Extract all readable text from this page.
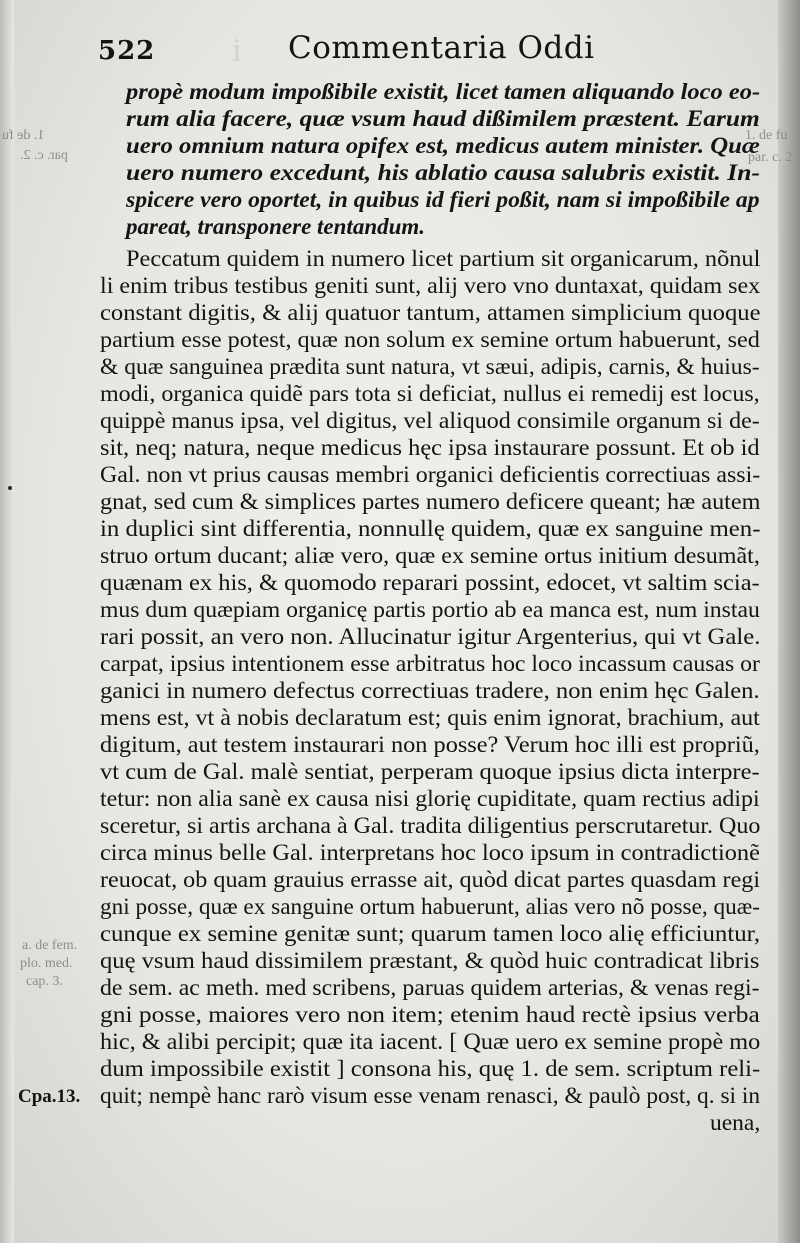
i
522	Commentaria Oddi
1. de fu
par. c. 2.
1. de fu
par. c. 2.
a. de fem.
plo. med.
cap. 3.
Cpa.13.
propè modum impoßibile existit, licet tamen aliquando loco eo-
rum alia facere, quæ vsum haud dißimilem præstent. Earum
uero omnium natura opifex est, medicus autem minister. Quæ
uero numero excedunt, his ablatio causa salubris existit. In-
spicere vero oportet, in quibus id fieri poßit, nam si impoßibile ap
pareat, transponere tentandum.
Peccatum quidem in numero licet partium sit organicarum, nõnul
li enim tribus testibus geniti sunt, alij vero vno duntaxat, quidam sex
constant digitis, & alij quatuor tantum, attamen simplicium quoque
partium esse potest, quæ non solum ex semine ortum habuerunt, sed
& quæ sanguinea prædita sunt natura, vt sæui, adipis, carnis, & huius-
modi, organica quidẽ pars tota si deficiat, nullus ei remedij est locus,
quippè manus ipsa, vel digitus, vel aliquod consimile organum si de-
sit, neq; natura, neque medicus hęc ipsa instaurare possunt. Et ob id
Gal. non vt prius causas membri organici deficientis correctiuas assi-
gnat, sed cum & simplices partes numero deficere queant; hæ autem
in duplici sint differentia, nonnullę quidem, quæ ex sanguine men-
struo ortum ducant; aliæ vero, quæ ex semine ortus initium desumãt,
quænam ex his, & quomodo reparari possint, edocet, vt saltim scia-
mus dum quæpiam organicę partis portio ab ea manca est, num instau
rari possit, an vero non. Allucinatur igitur Argenterius, qui vt Gale.
carpat, ipsius intentionem esse arbitratus hoc loco incassum causas or
ganici in numero defectus correctiuas tradere, non enim hęc Galen.
mens est, vt à nobis declaratum est; quis enim ignorat, brachium, aut
digitum, aut testem instaurari non posse? Verum hoc illi est propriũ,
vt cum de Gal. malè sentiat, perperam quoque ipsius dicta interpre-
tetur: non alia sanè ex causa nisi glorię cupiditate, quam rectius adipi
sceretur, si artis archana à Gal. tradita diligentius perscrutaretur. Quo
circa minus belle Gal. interpretans hoc loco ipsum in contradictionẽ
reuocat, ob quam grauius errasse ait, quòd dicat partes quasdam regi
gni posse, quæ ex sanguine ortum habuerunt, alias vero nõ posse, quæ-
cunque ex semine genitæ sunt; quarum tamen loco alię efficiuntur,
quę vsum haud dissimilem præstant, & quòd huic contradicat libris
de sem. ac meth. med scribens, paruas quidem arterias, & venas regi-
gni posse, maiores vero non item; etenim haud rectè ipsius verba
hic, & alibi percipit; quæ ita iacent. [ Quæ uero ex semine propè mo
dum impossibile existit ] consona his, quę 1. de sem. scriptum reli-
quit; nempè hanc rarò visum esse venam renasci, & paulò post, q. si in
uena,
